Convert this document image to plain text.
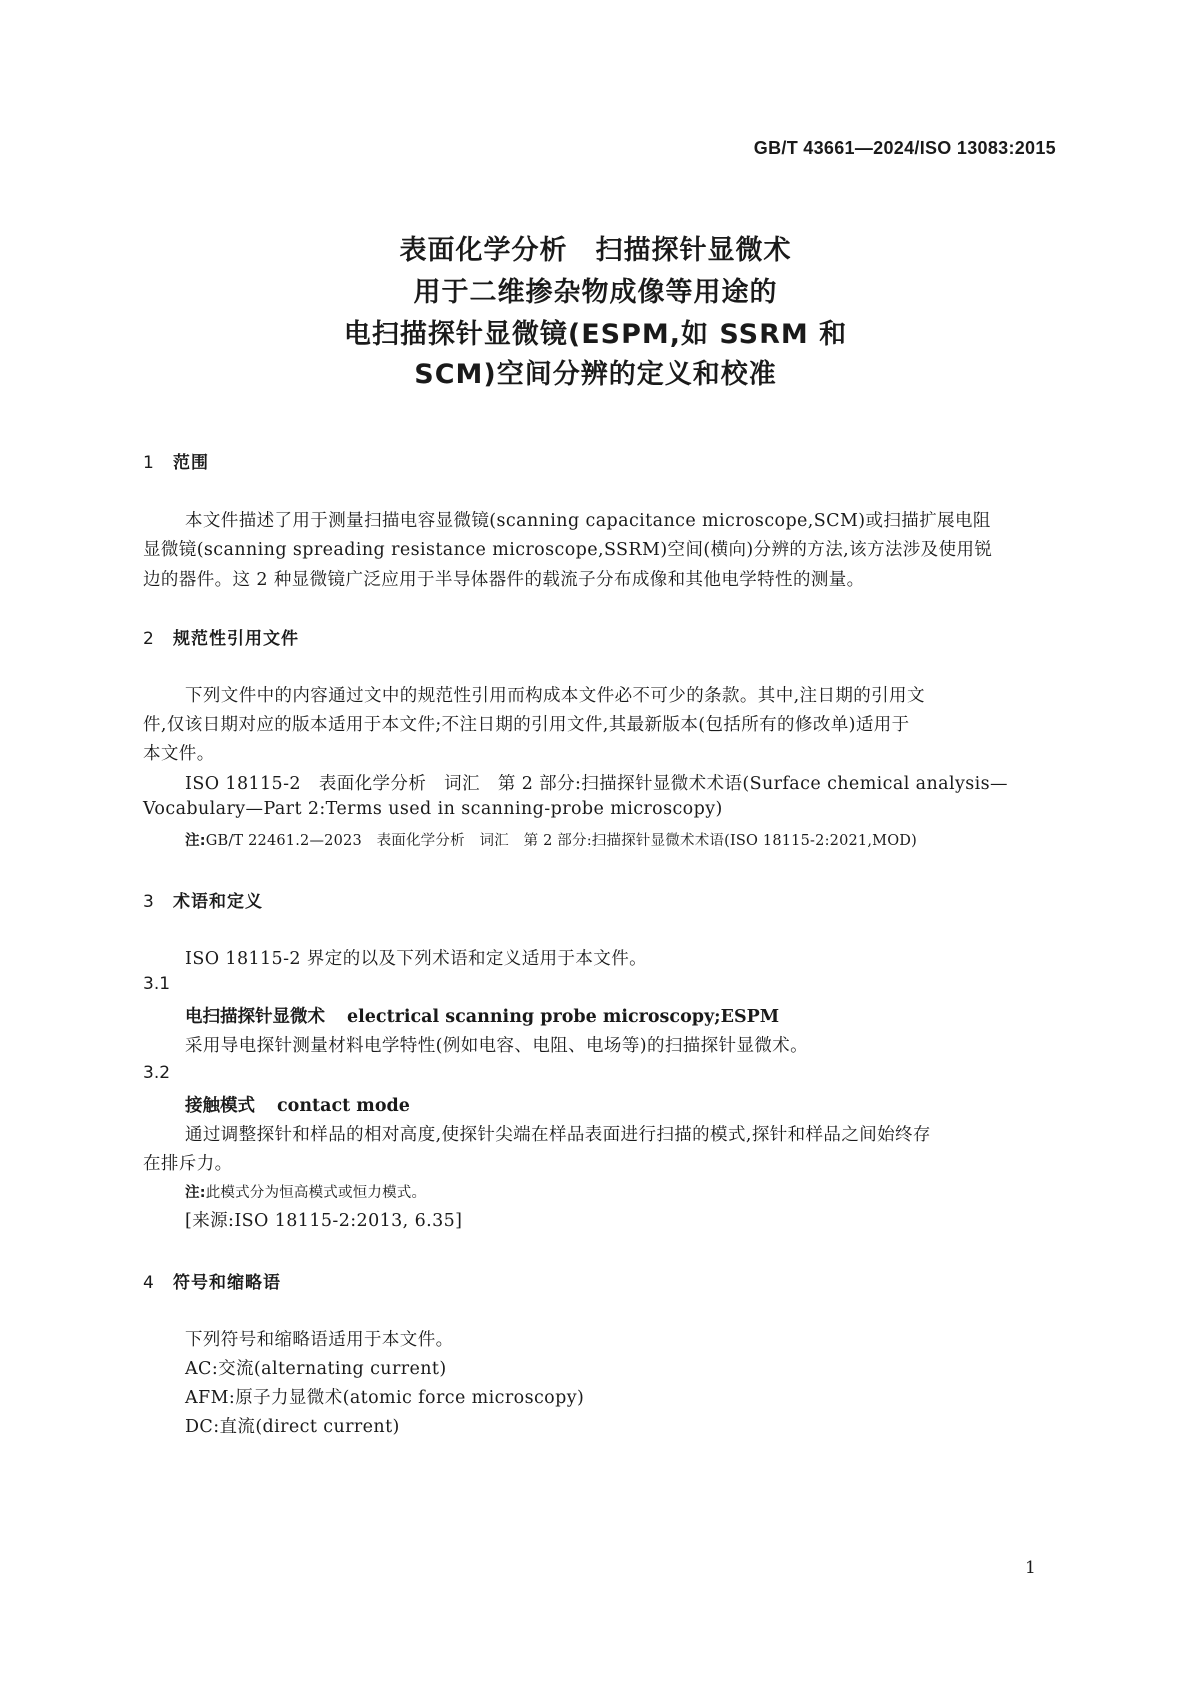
GB/T 43661—2024/ISO 13083:2015
表面化学分析　扫描探针显微术
用于二维掺杂物成像等用途的
电扫描探针显微镜(ESPM,如 SSRM 和
SCM)空间分辨的定义和校准
1 范围
本文件描述了用于测量扫描电容显微镜(scanning capacitance microscope,SCM)或扫描扩展电阻
显微镜(scanning spreading resistance microscope,SSRM)空间(横向)分辨的方法,该方法涉及使用锐
边的器件。这 2 种显微镜广泛应用于半导体器件的载流子分布成像和其他电学特性的测量。
2 规范性引用文件
下列文件中的内容通过文中的规范性引用而构成本文件必不可少的条款。其中,注日期的引用文
件,仅该日期对应的版本适用于本文件;不注日期的引用文件,其最新版本(包括所有的修改单)适用于
本文件。
ISO 18115-2　表面化学分析　词汇　第 2 部分:扫描探针显微术术语(Surface chemical analysis—
Vocabulary—Part 2:Terms used in scanning-probe microscopy)
注:GB/T 22461.2—2023　表面化学分析　词汇　第 2 部分:扫描探针显微术术语(ISO 18115-2:2021,MOD)
3 术语和定义
ISO 18115-2 界定的以及下列术语和定义适用于本文件。
3.1
电扫描探针显微术 electrical scanning probe microscopy;ESPM
采用导电探针测量材料电学特性(例如电容、电阻、电场等)的扫描探针显微术。
3.2
接触模式 contact mode
通过调整探针和样品的相对高度,使探针尖端在样品表面进行扫描的模式,探针和样品之间始终存
在排斥力。
注:此模式分为恒高模式或恒力模式。
[来源:ISO 18115-2:2013, 6.35]
4 符号和缩略语
下列符号和缩略语适用于本文件。
AC:交流(alternating current)
AFM:原子力显微术(atomic force microscopy)
DC:直流(direct current)
1
